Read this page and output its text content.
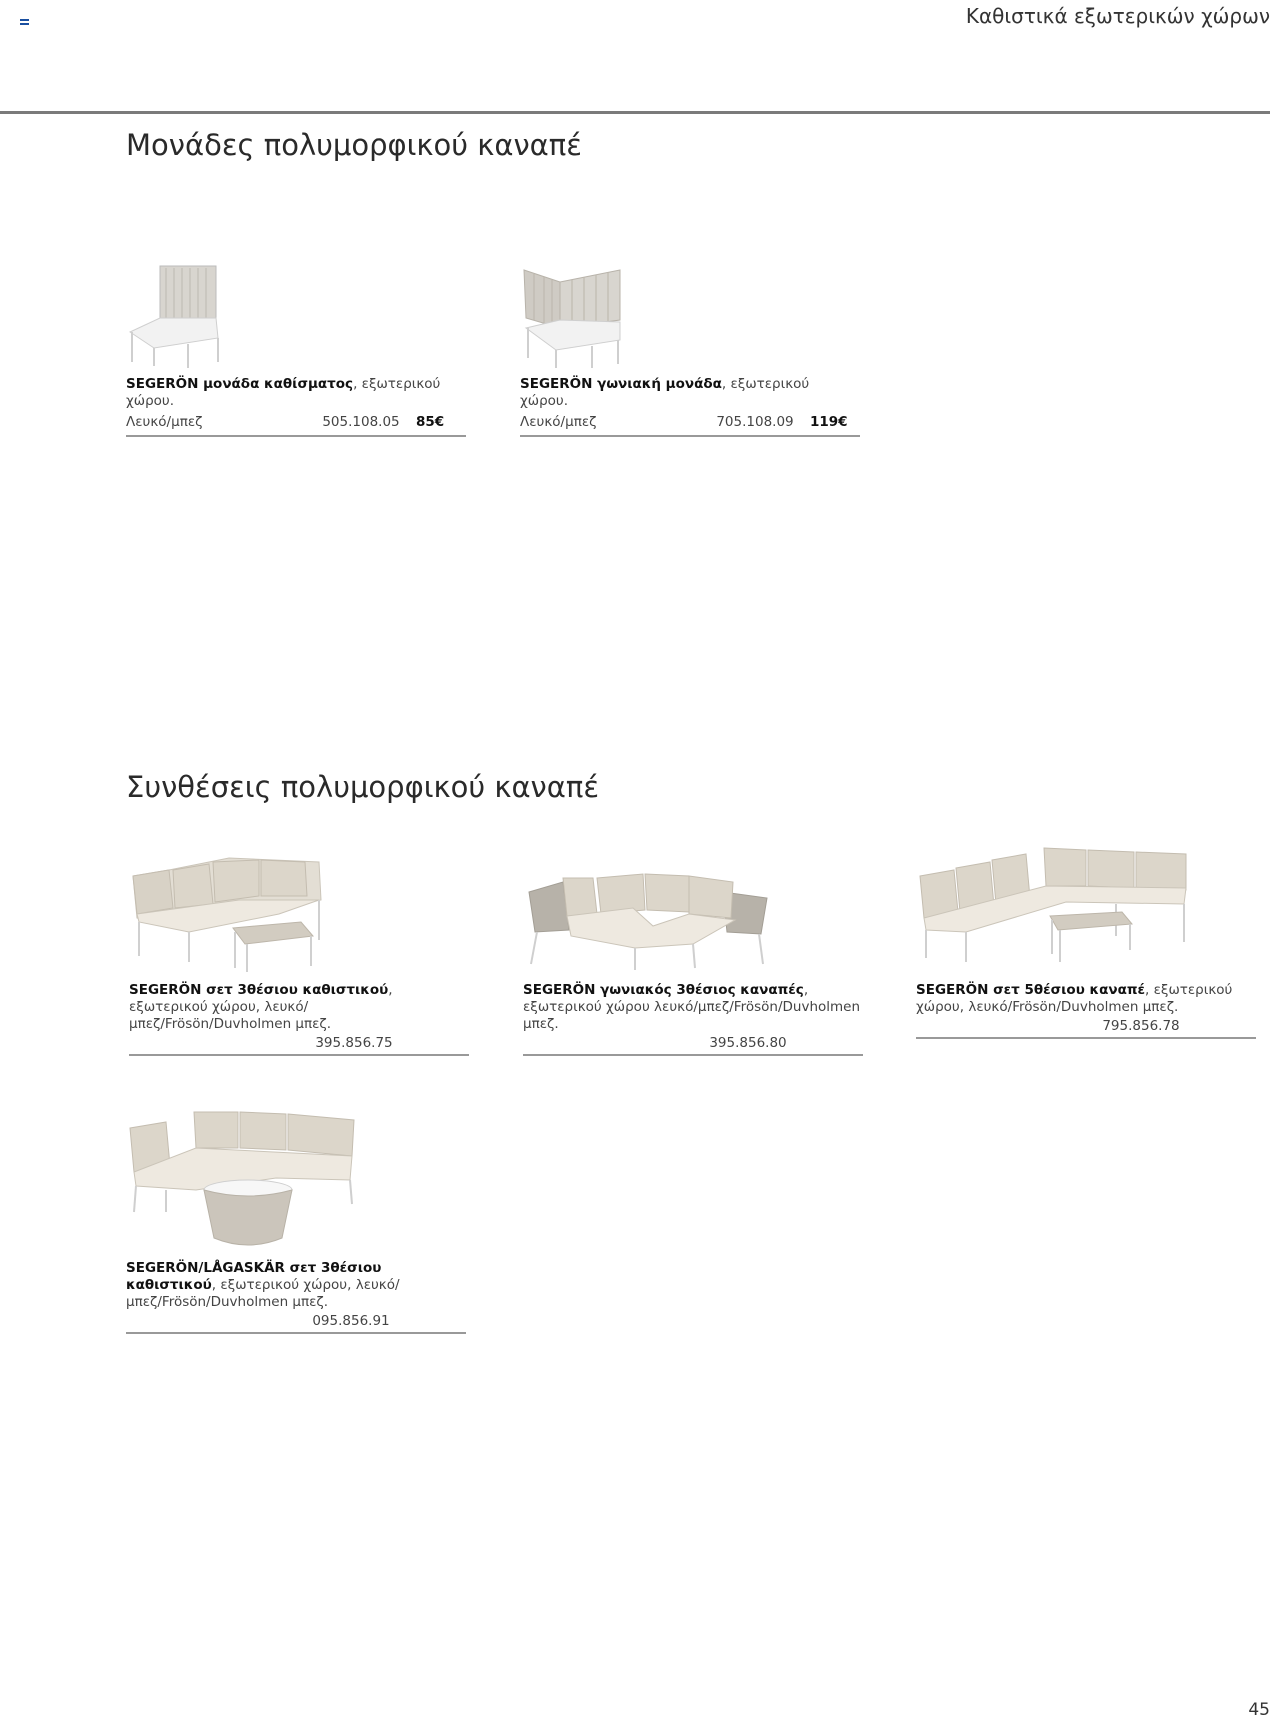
Καθιστικά εξωτερικών χώρων
Μονάδες πολυμορφικού καναπέ
SEGERÖN μονάδα καθίσματος, εξωτερικού χώρου.
Λευκό/μπεζ	505.108.05	85€
SEGERÖN γωνιακή μονάδα, εξωτερικού χώρου.
Λευκό/μπεζ	705.108.09	119€
Συνθέσεις πολυμορφικού καναπέ
SEGERÖN σετ 3θέσιου καθιστικού, εξωτερικού χώρου, λευκό/μπεζ/Frösön/Duvholmen μπεζ.
395.856.75
SEGERÖN γωνιακός 3θέσιος καναπές, εξωτερικού χώρου λευκό/μπεζ/Frösön/Duvholmen μπεζ.
395.856.80
SEGERÖN σετ 5θέσιου καναπέ, εξωτερικού χώρου, λευκό/Frösön/Duvholmen μπεζ.
795.856.78
SEGERÖN/LÅGASKÄR σετ 3θέσιου καθιστικού, εξωτερικού χώρου, λευκό/μπεζ/Frösön/Duvholmen μπεζ.
095.856.91
45
